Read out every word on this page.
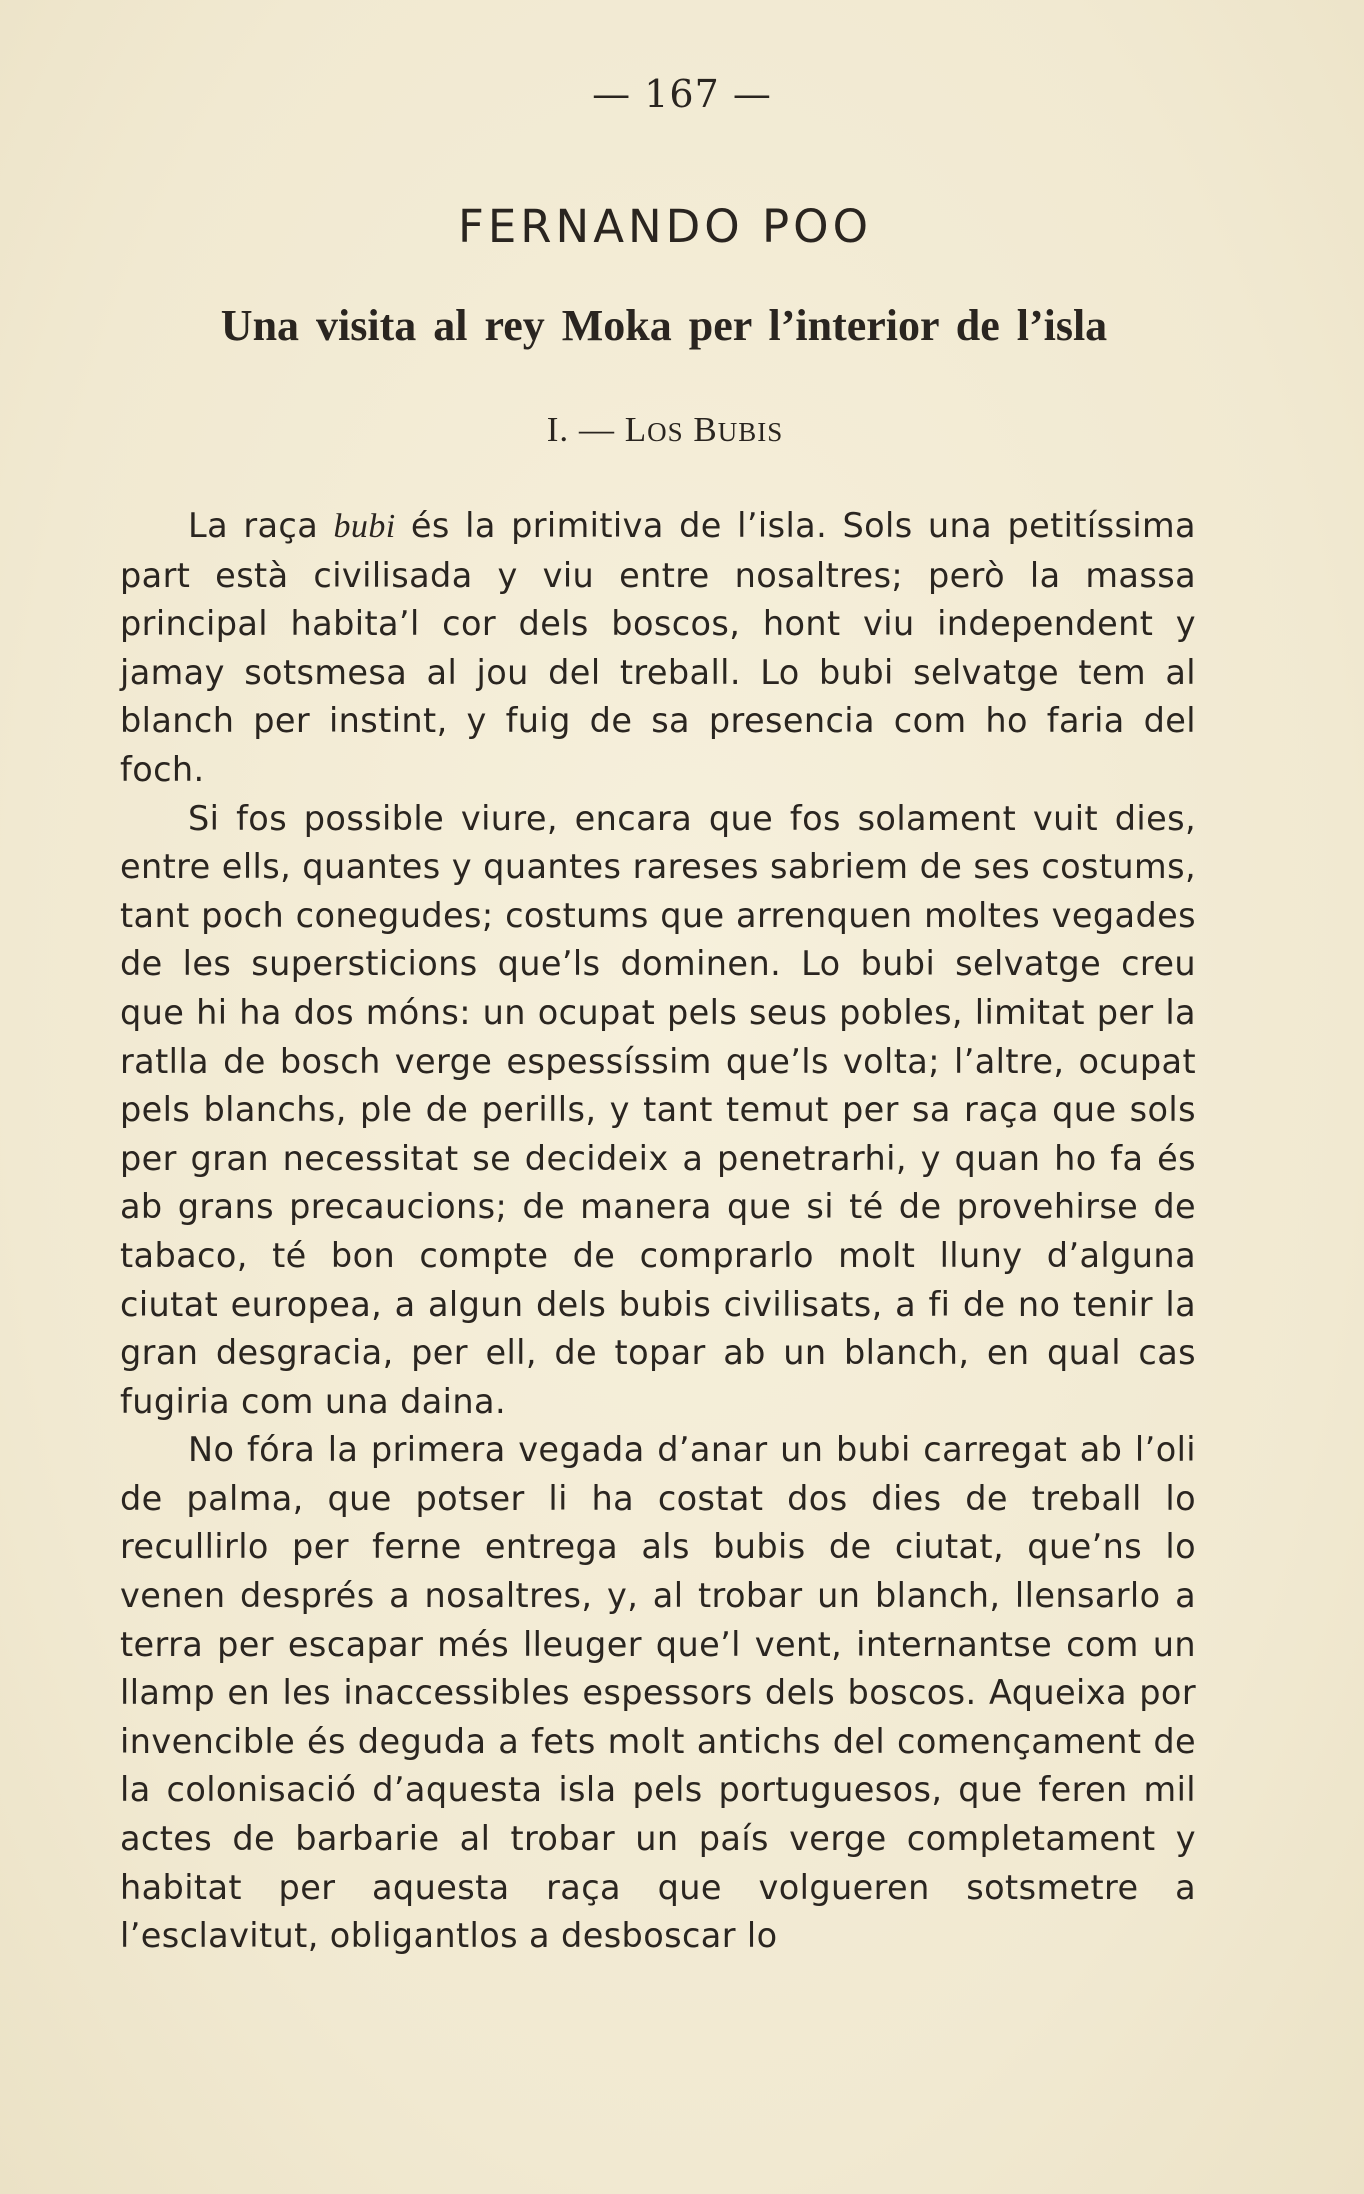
— 167 —
FERNANDO POO
Una visita al rey Moka per l’interior de l’isla
I. — LOS BUBIS

La raça bubi és la primitiva de l’isla. Sols una petitíssima part està civilisada y viu entre nosaltres; però la massa principal habita’l cor dels boscos, hont viu independent y jamay sotsmesa al jou del treball. Lo bubi selvatge tem al blanch per instint, y fuig de sa presencia com ho faria del foch.

Si fos possible viure, encara que fos solament vuit dies, entre ells, quantes y quantes rareses sabriem de ses costums, tant poch conegudes; costums que arrenquen moltes vegades de les supersticions que’ls dominen. Lo bubi selvatge creu que hi ha dos móns: un ocupat pels seus pobles, limitat per la ratlla de bosch verge espessíssim que’ls volta; l’altre, ocupat pels blanchs, ple de perills, y tant temut per sa raça que sols per gran necessitat se decideix a penetrarhi, y quan ho fa és ab grans precaucions; de manera que si té de provehirse de tabaco, té bon compte de comprarlo molt lluny d’alguna ciutat europea, a algun dels bubis civilisats, a fi de no tenir la gran desgracia, per ell, de topar ab un blanch, en qual cas fugiria com una daina.

No fóra la primera vegada d’anar un bubi carregat ab l’oli de palma, que potser li ha costat dos dies de treball lo recullirlo per ferne entrega als bubis de ciutat, que’ns lo venen després a nosaltres, y, al trobar un blanch, llensarlo a terra per escapar més lleuger que’l vent, internantse com un llamp en les inaccessibles espessors dels boscos. Aqueixa por invencible és deguda a fets molt antichs del començament de la colonisació d’aquesta isla pels portuguesos, que feren mil actes de barbarie al trobar un país verge completament y habitat per aquesta raça que volgueren sotsmetre a l’esclavitut, obligantlos a desboscar lo
